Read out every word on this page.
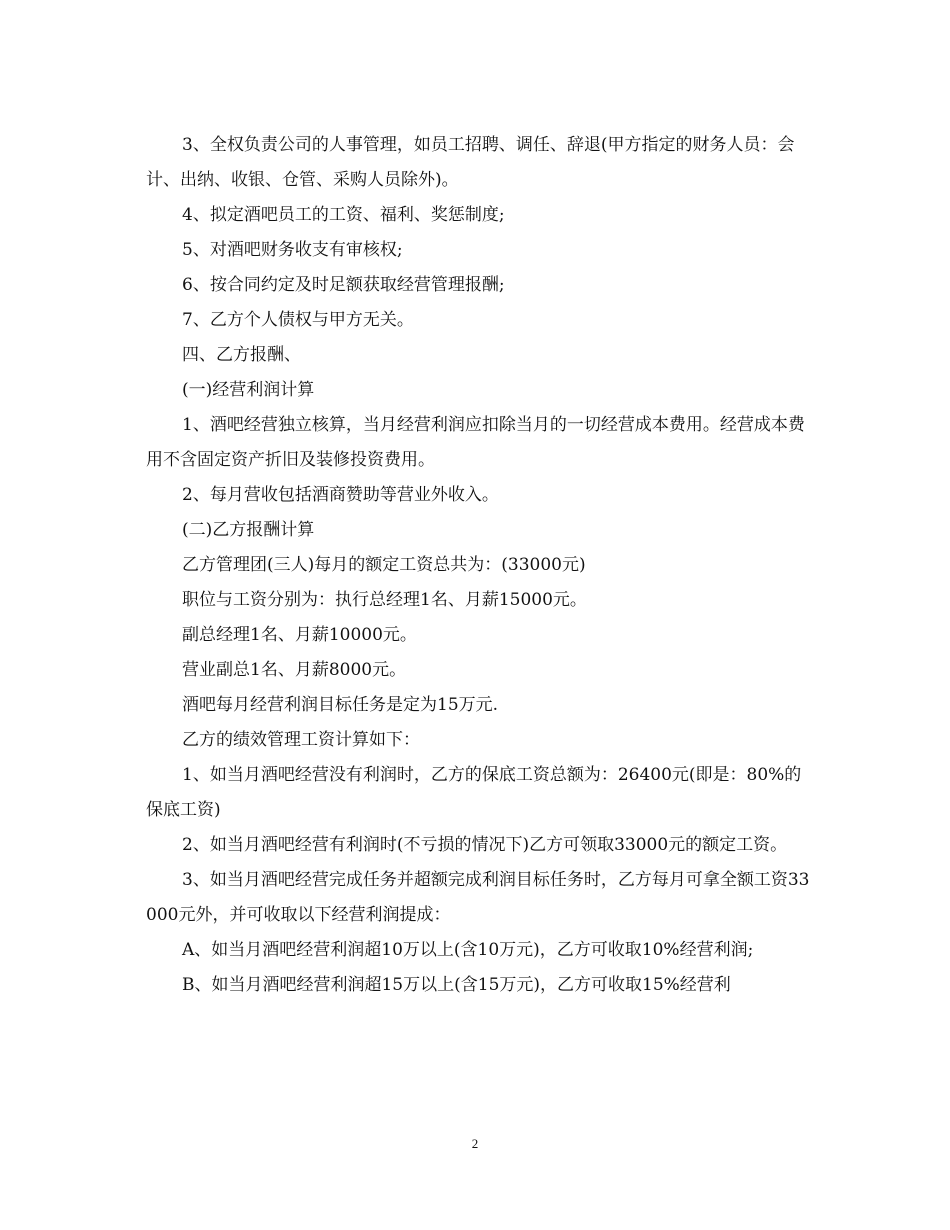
3、全权负责公司的人事管理，如员工招聘、调任、辞退(甲方指定的财务人员：会计、出纳、收银、仓管、采购人员除外)。

4、拟定酒吧员工的工资、福利、奖惩制度;

5、对酒吧财务收支有审核权;

6、按合同约定及时足额获取经营管理报酬;

7、乙方个人债权与甲方无关。

四、乙方报酬、

(一)经营利润计算

1、酒吧经营独立核算，当月经营利润应扣除当月的一切经营成本费用。经营成本费用不含固定资产折旧及装修投资费用。

2、每月营收包括酒商赞助等营业外收入。

(二)乙方报酬计算

乙方管理团(三人)每月的额定工资总共为：(33000元)

职位与工资分别为：执行总经理1名、月薪15000元。

副总经理1名、月薪10000元。

营业副总1名、月薪8000元。

酒吧每月经营利润目标任务是定为15万元.

乙方的绩效管理工资计算如下：

1、如当月酒吧经营没有利润时，乙方的保底工资总额为：26400元(即是：80%的保底工资)

2、如当月酒吧经营有利润时(不亏损的情况下)乙方可领取33000元的额定工资。

3、如当月酒吧经营完成任务并超额完成利润目标任务时，乙方每月可拿全额工资33000元外，并可收取以下经营利润提成：

A、如当月酒吧经营利润超10万以上(含10万元)，乙方可收取10%经营利润;

B、如当月酒吧经营利润超15万以上(含15万元)，乙方可收取15%经营利

2
